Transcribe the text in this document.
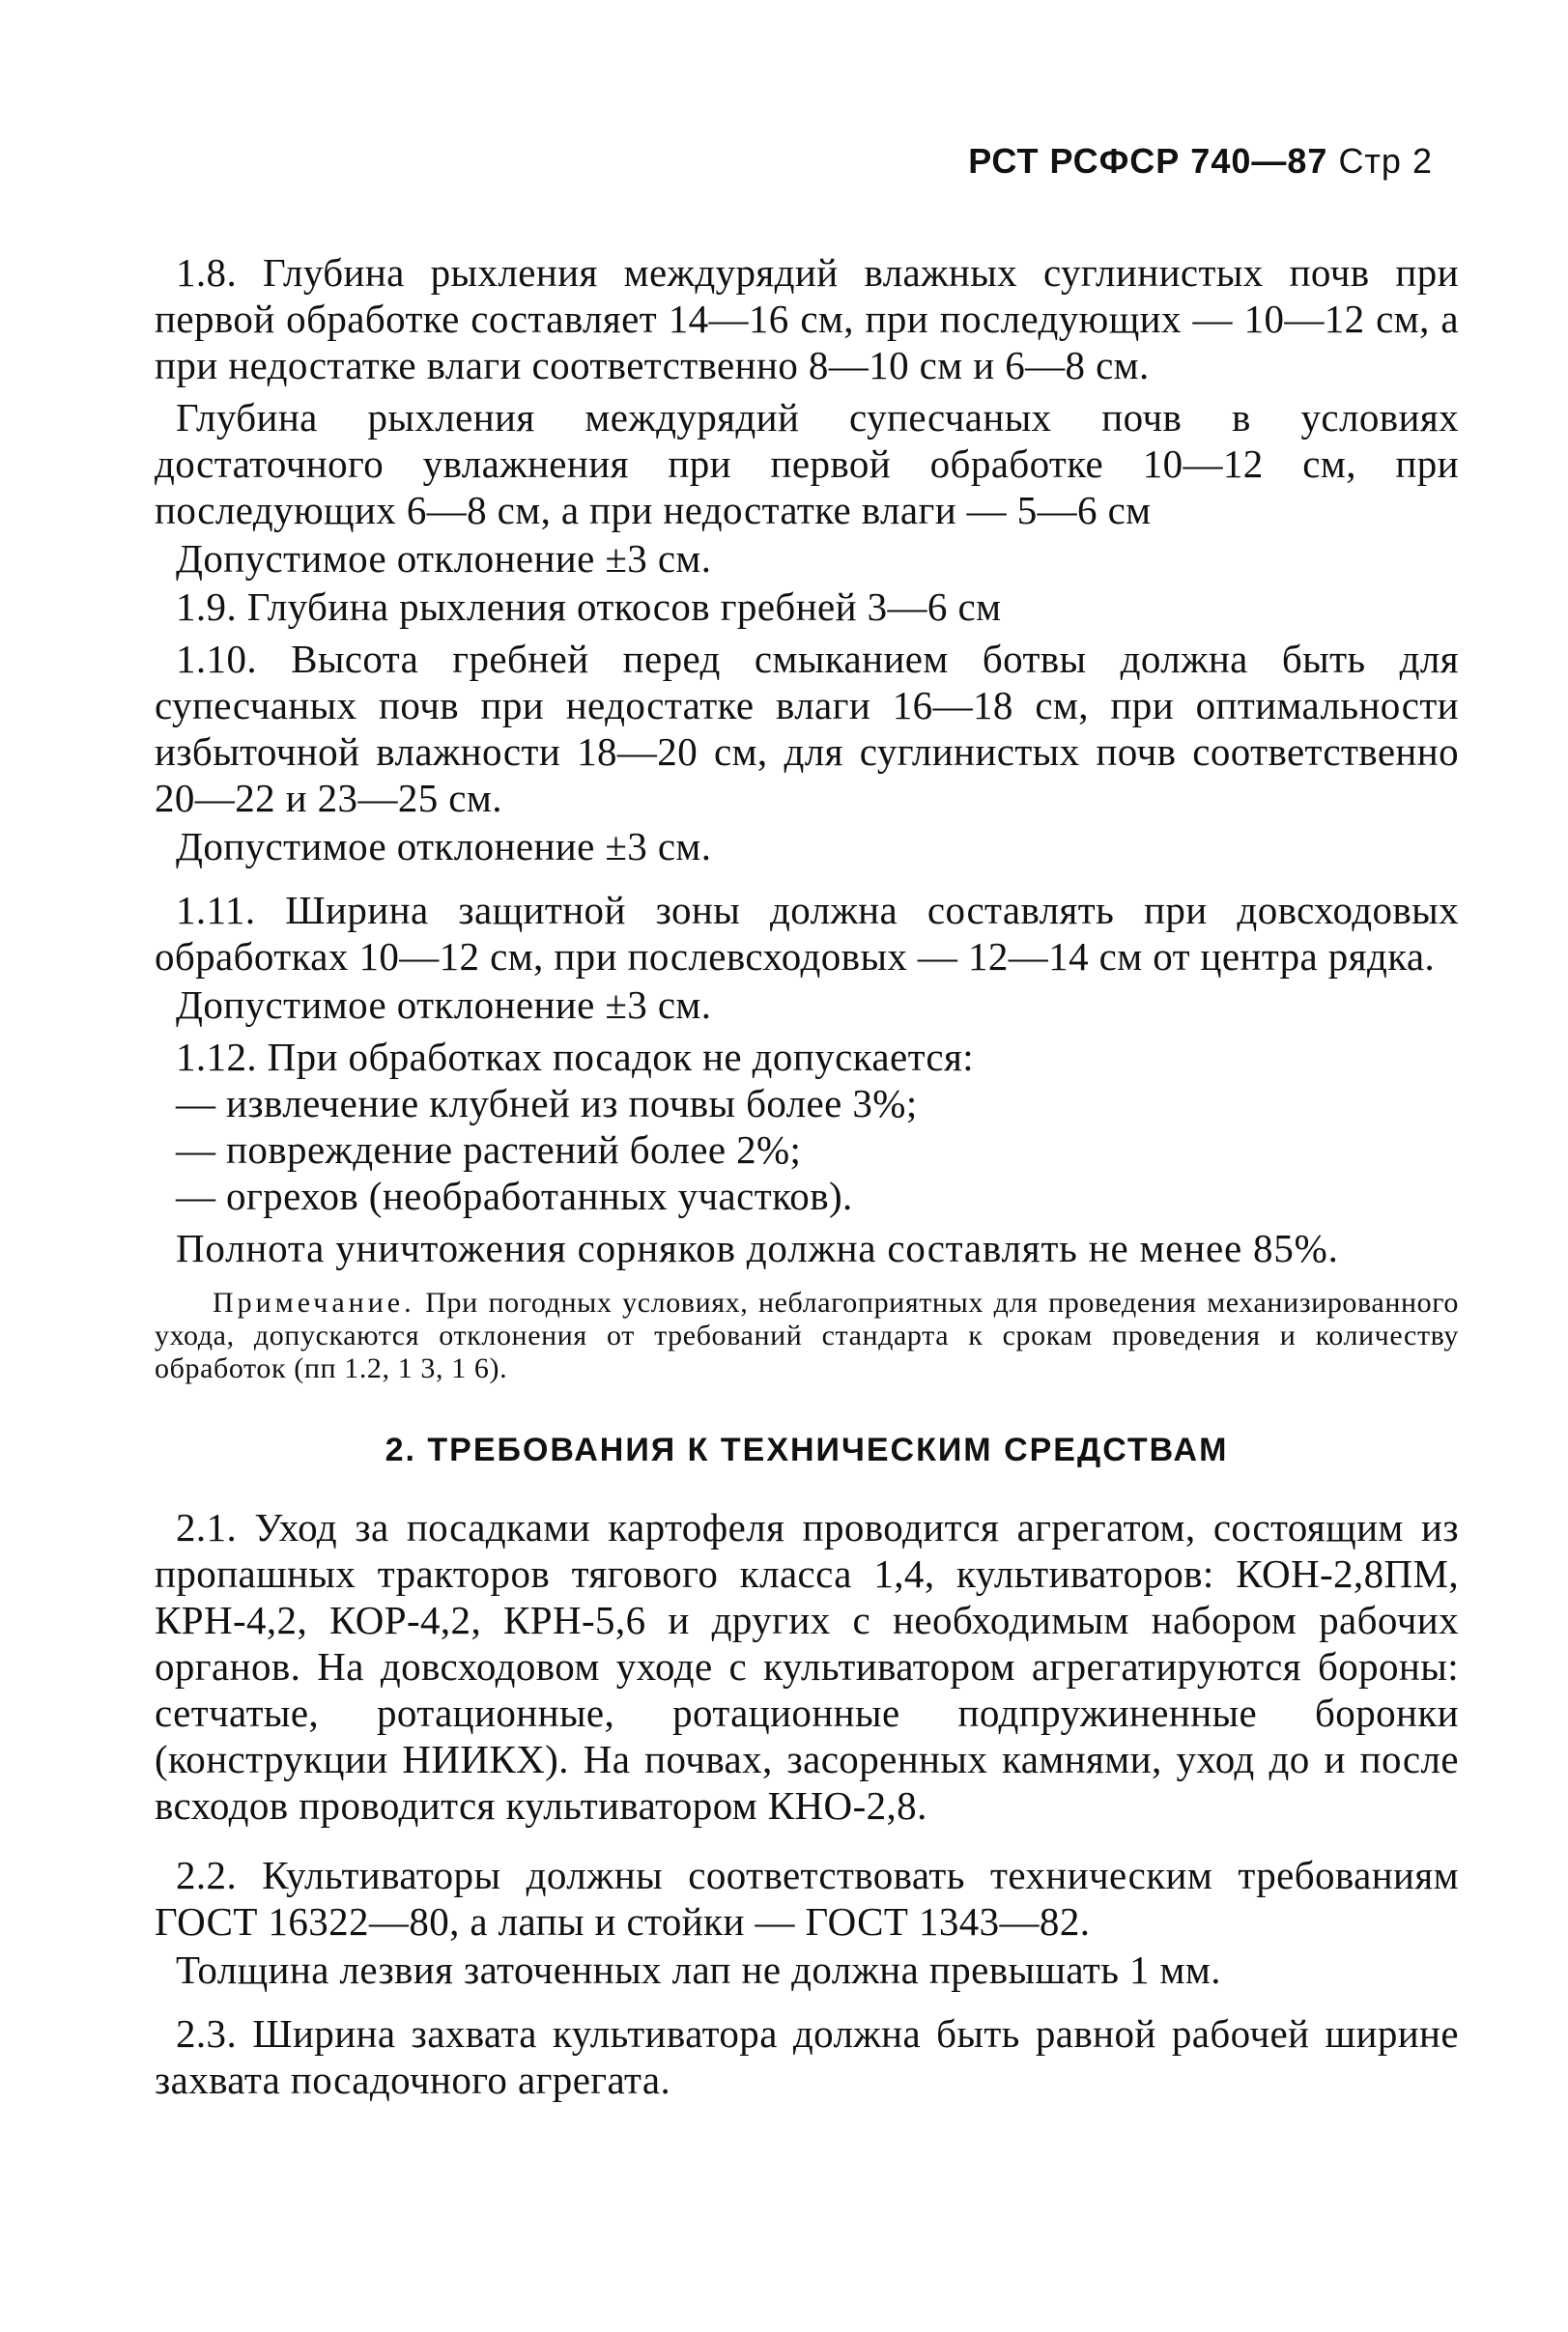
РСТ РСФСР 740—87 Стр 2

1.8. Глубина рыхления междурядий влажных суглинистых почв при первой обработке составляет 14—16 см, при последующих — 10—12 см, а при недостатке влаги соответственно 8—10 см и 6—8 см.

Глубина рыхления междурядий супесчаных почв в условиях достаточного увлажнения при первой обработке 10—12 см, при последующих 6—8 см, а при недостатке влаги — 5—6 см

Допустимое отклонение ±3 см.

1.9. Глубина рыхления откосов гребней 3—6 см

1.10. Высота гребней перед смыканием ботвы должна быть для супесчаных почв при недостатке влаги 16—18 см, при оптимальности избыточной влажности 18—20 см, для суглинистых почв соответственно 20—22 и 23—25 см.

Допустимое отклонение ±3 см.

1.11. Ширина защитной зоны должна составлять при довсходовых обработках 10—12 см, при послевсходовых — 12—14 см от центра рядка.

Допустимое отклонение ±3 см.

1.12. При обработках посадок не допускается:

— извлечение клубней из почвы более 3%;

— повреждение растений более 2%;

— огрехов (необработанных участков).

Полнота уничтожения сорняков должна составлять не менее 85%.

Примечание. При погодных условиях, неблагоприятных для проведения механизированного ухода, допускаются отклонения от требований стандарта к срокам проведения и количеству обработок (пп 1.2, 1 3, 1 6).
2. ТРЕБОВАНИЯ К ТЕХНИЧЕСКИМ СРЕДСТВАМ

2.1. Уход за посадками картофеля проводится агрегатом, состоящим из пропашных тракторов тягового класса 1,4, культиваторов: КОН-2,8ПМ, КРН-4,2, КОР-4,2, КРН-5,6 и других с необходимым набором рабочих органов. На довсходовом уходе с культиватором агрегатируются бороны: сетчатые, ротационные, ротационные подпружиненные боронки (конструкции НИИКХ). На почвах, засоренных камнями, уход до и после всходов проводится культиватором КНО-2,8.

2.2. Культиваторы должны соответствовать техническим требованиям ГОСТ 16322—80, а лапы и стойки — ГОСТ 1343—82.

Толщина лезвия заточенных лап не должна превышать 1 мм.

2.3. Ширина захвата культиватора должна быть равной рабочей ширине захвата посадочного агрегата.
